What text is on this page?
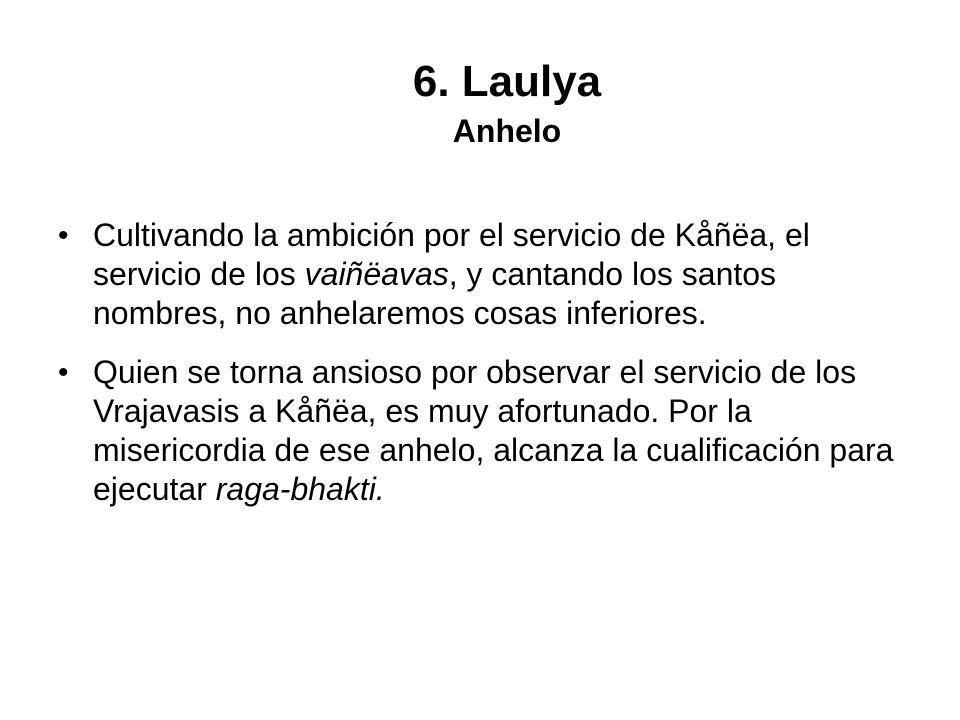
6. Laulya
Anhelo
• Cultivando la ambición por el servicio de Kåñëa, el servicio de los vaiñëavas, y cantando los santos nombres, no anhelaremos cosas inferiores.
• Quien se torna ansioso por observar el servicio de los Vrajavasis a Kåñëa, es muy afortunado. Por la misericordia de ese anhelo, alcanza la cualificación para ejecutar raga-bhakti.
